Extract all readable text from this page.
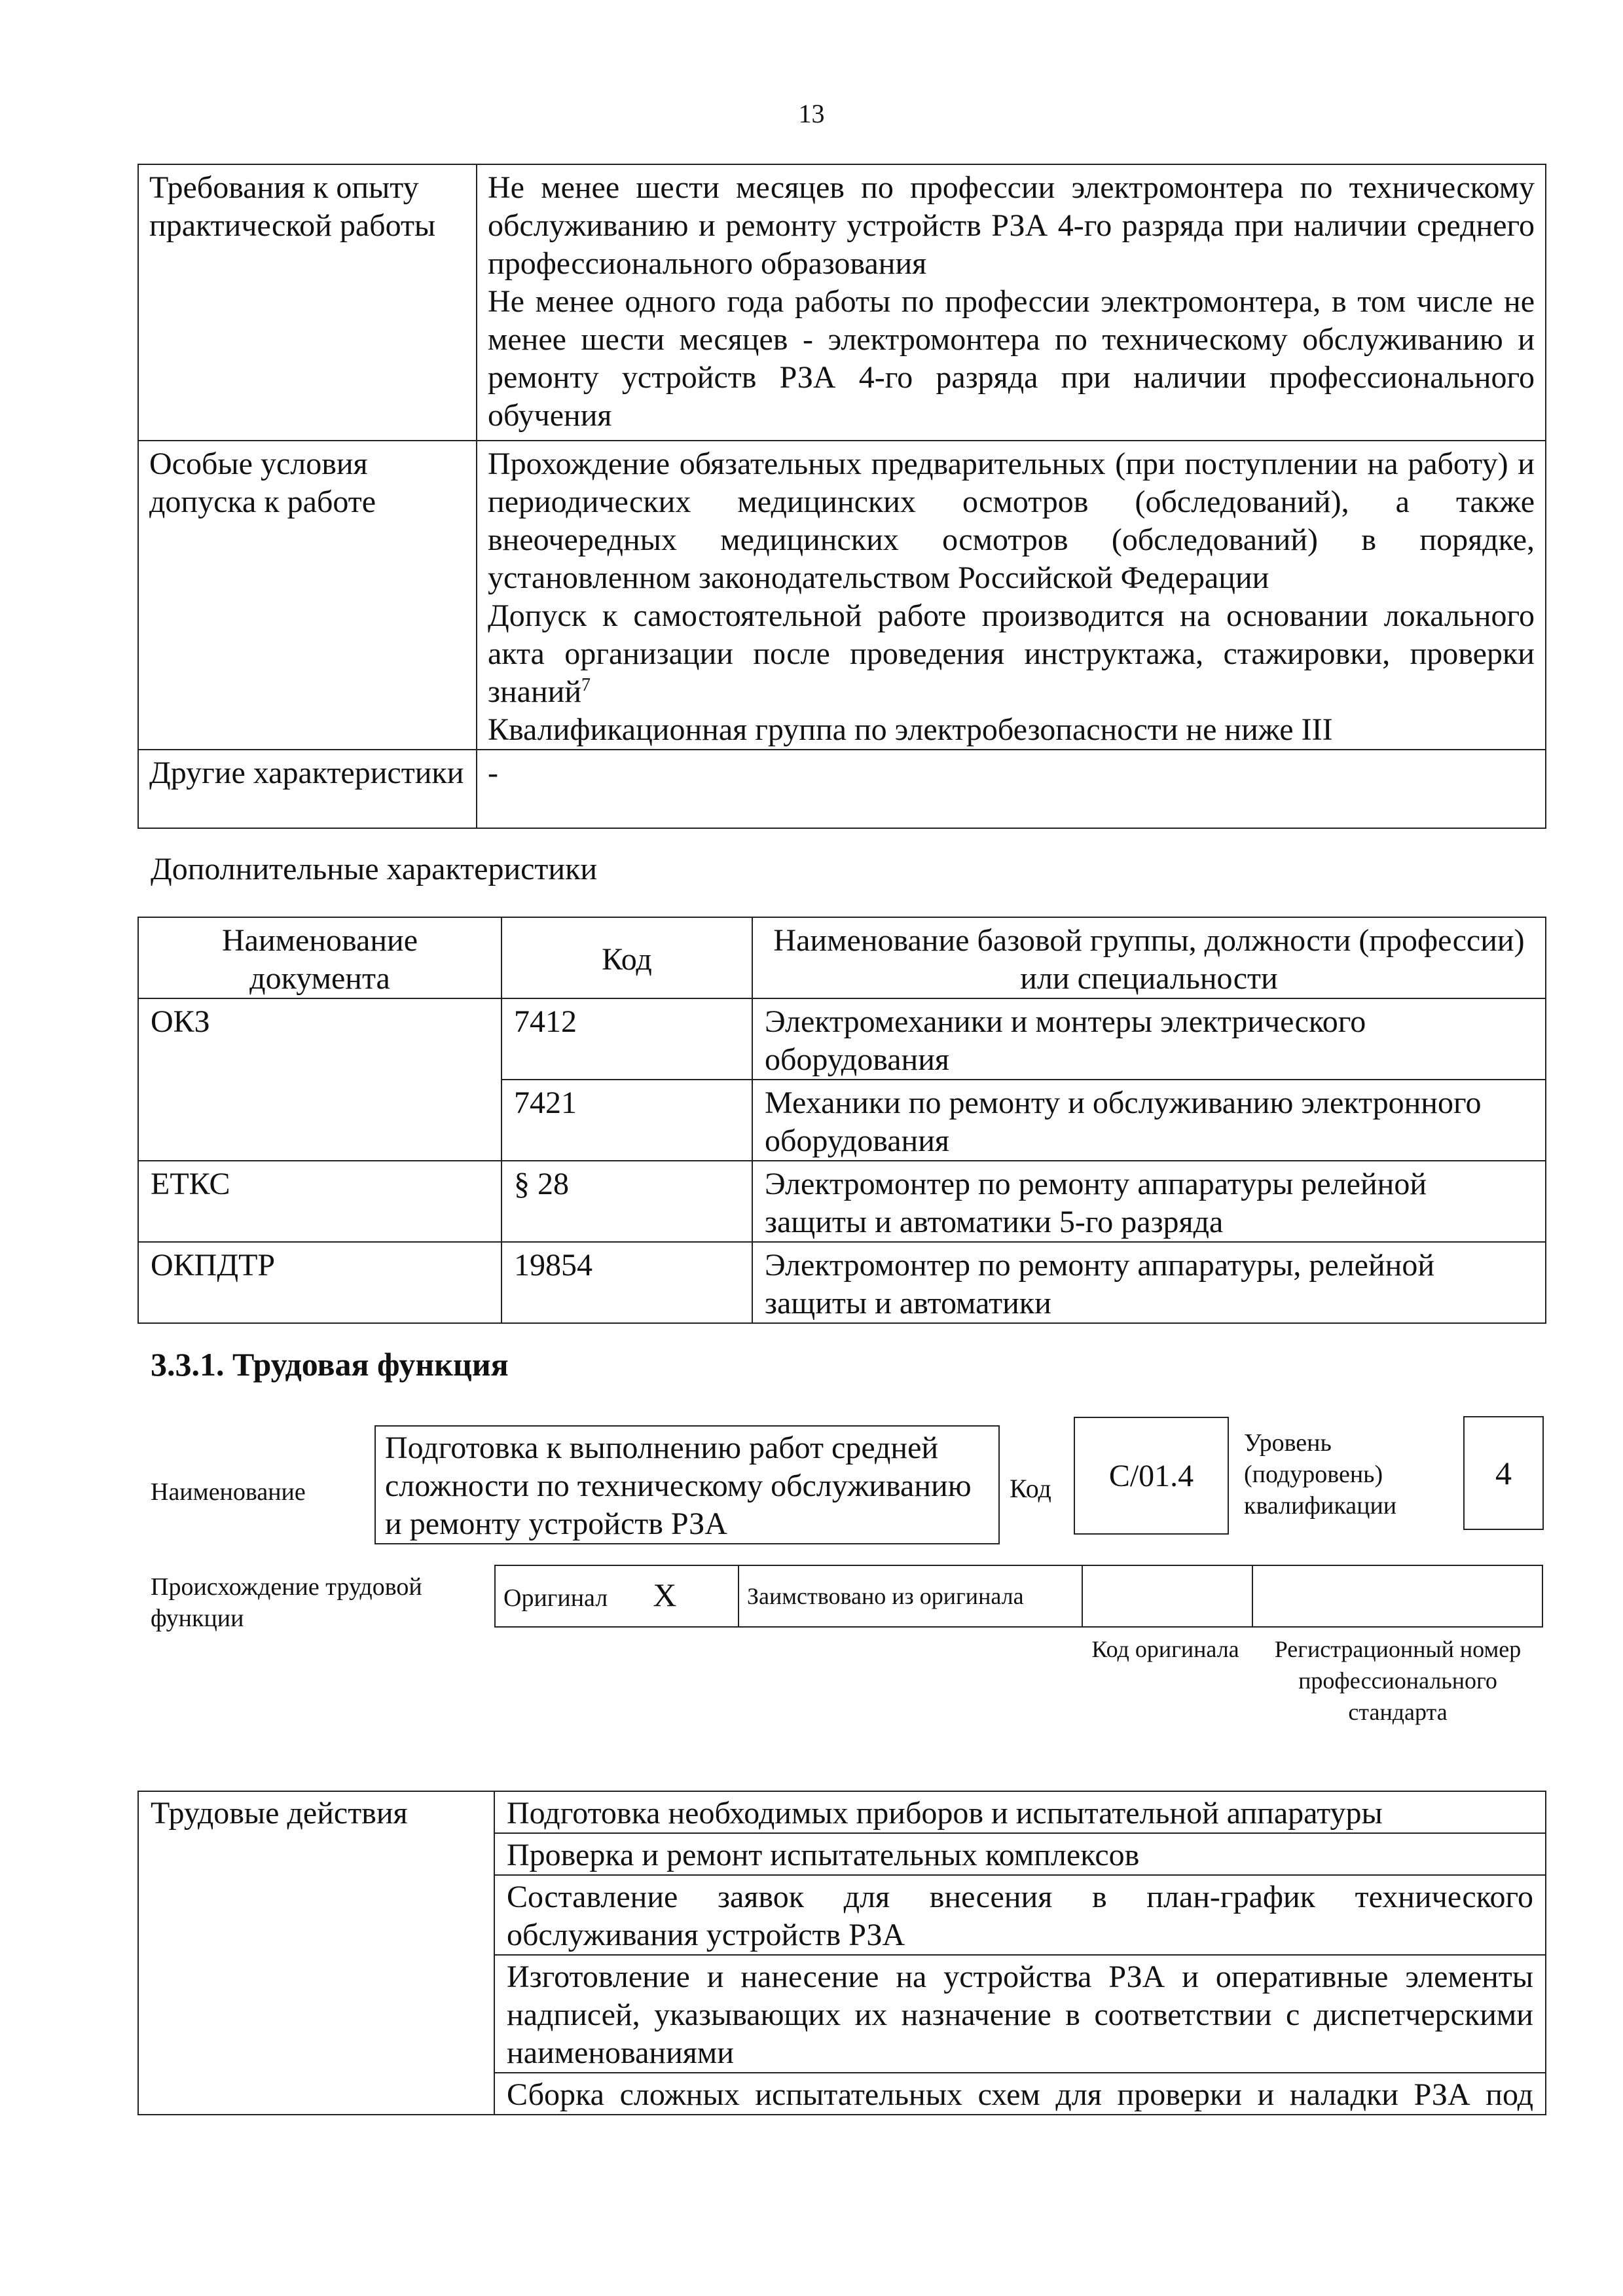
13
Требования к опыту практической работы	Не менее шести месяцев по профессии электромонтера по техническому обслуживанию и ремонту устройств РЗА 4-го разряда при наличии среднего профессионального образования

Не менее одного года работы по профессии электромонтера, в том числе не менее шести месяцев - электромонтера по техническому обслуживанию и ремонту устройств РЗА 4-го разряда при наличии профессионального обучения

Особые условия допуска к работе	Прохождение обязательных предварительных (при поступлении на работу) и периодических медицинских осмотров (обследований), а также внеочередных медицинских осмотров (обследований) в порядке, установленном законодательством Российской Федерации

Допуск к самостоятельной работе производится на основании локального акта организации после проведения инструктажа, стажировки, проверки знаний$^7$

Квалификационная группа по электробезопасности не ниже III

Другие характеристики	-
Дополнительные характеристики
Наименование документа	Код	Наименование базовой группы, должности (профессии) или специальности
ОКЗ	7412	Электромеханики и монтеры электрического оборудования
	7421	Механики по ремонту и обслуживанию электронного оборудования
ЕТКС	§ 28	Электромонтер по ремонту аппаратуры релейной защиты и автоматики 5-го разряда
ОКПДТР	19854	Электромонтер по ремонту аппаратуры, релейной защиты и автоматики
3.3.1. Трудовая функция
Наименование
Подготовка к выполнению работ средней сложности по техническому обслуживанию и ремонту устройств РЗА
Код	C/01.4
Уровень (подуровень) квалификации
4
Происхождение трудовой функции
Оригинал X	Заимствовано из оригинала		
Код оригинала	Регистрационный номер профессионального стандарта
Трудовые действия	Подготовка необходимых приборов и испытательной аппаратуры
Проверка и ремонт испытательных комплексов
Составление заявок для внесения в план-график технического обслуживания устройств РЗА
Изготовление и нанесение на устройства РЗА и оперативные элементы надписей, указывающих их назначение в соответствии с диспетчерскими наименованиями
Сборка сложных испытательных схем для проверки и наладки РЗА под
